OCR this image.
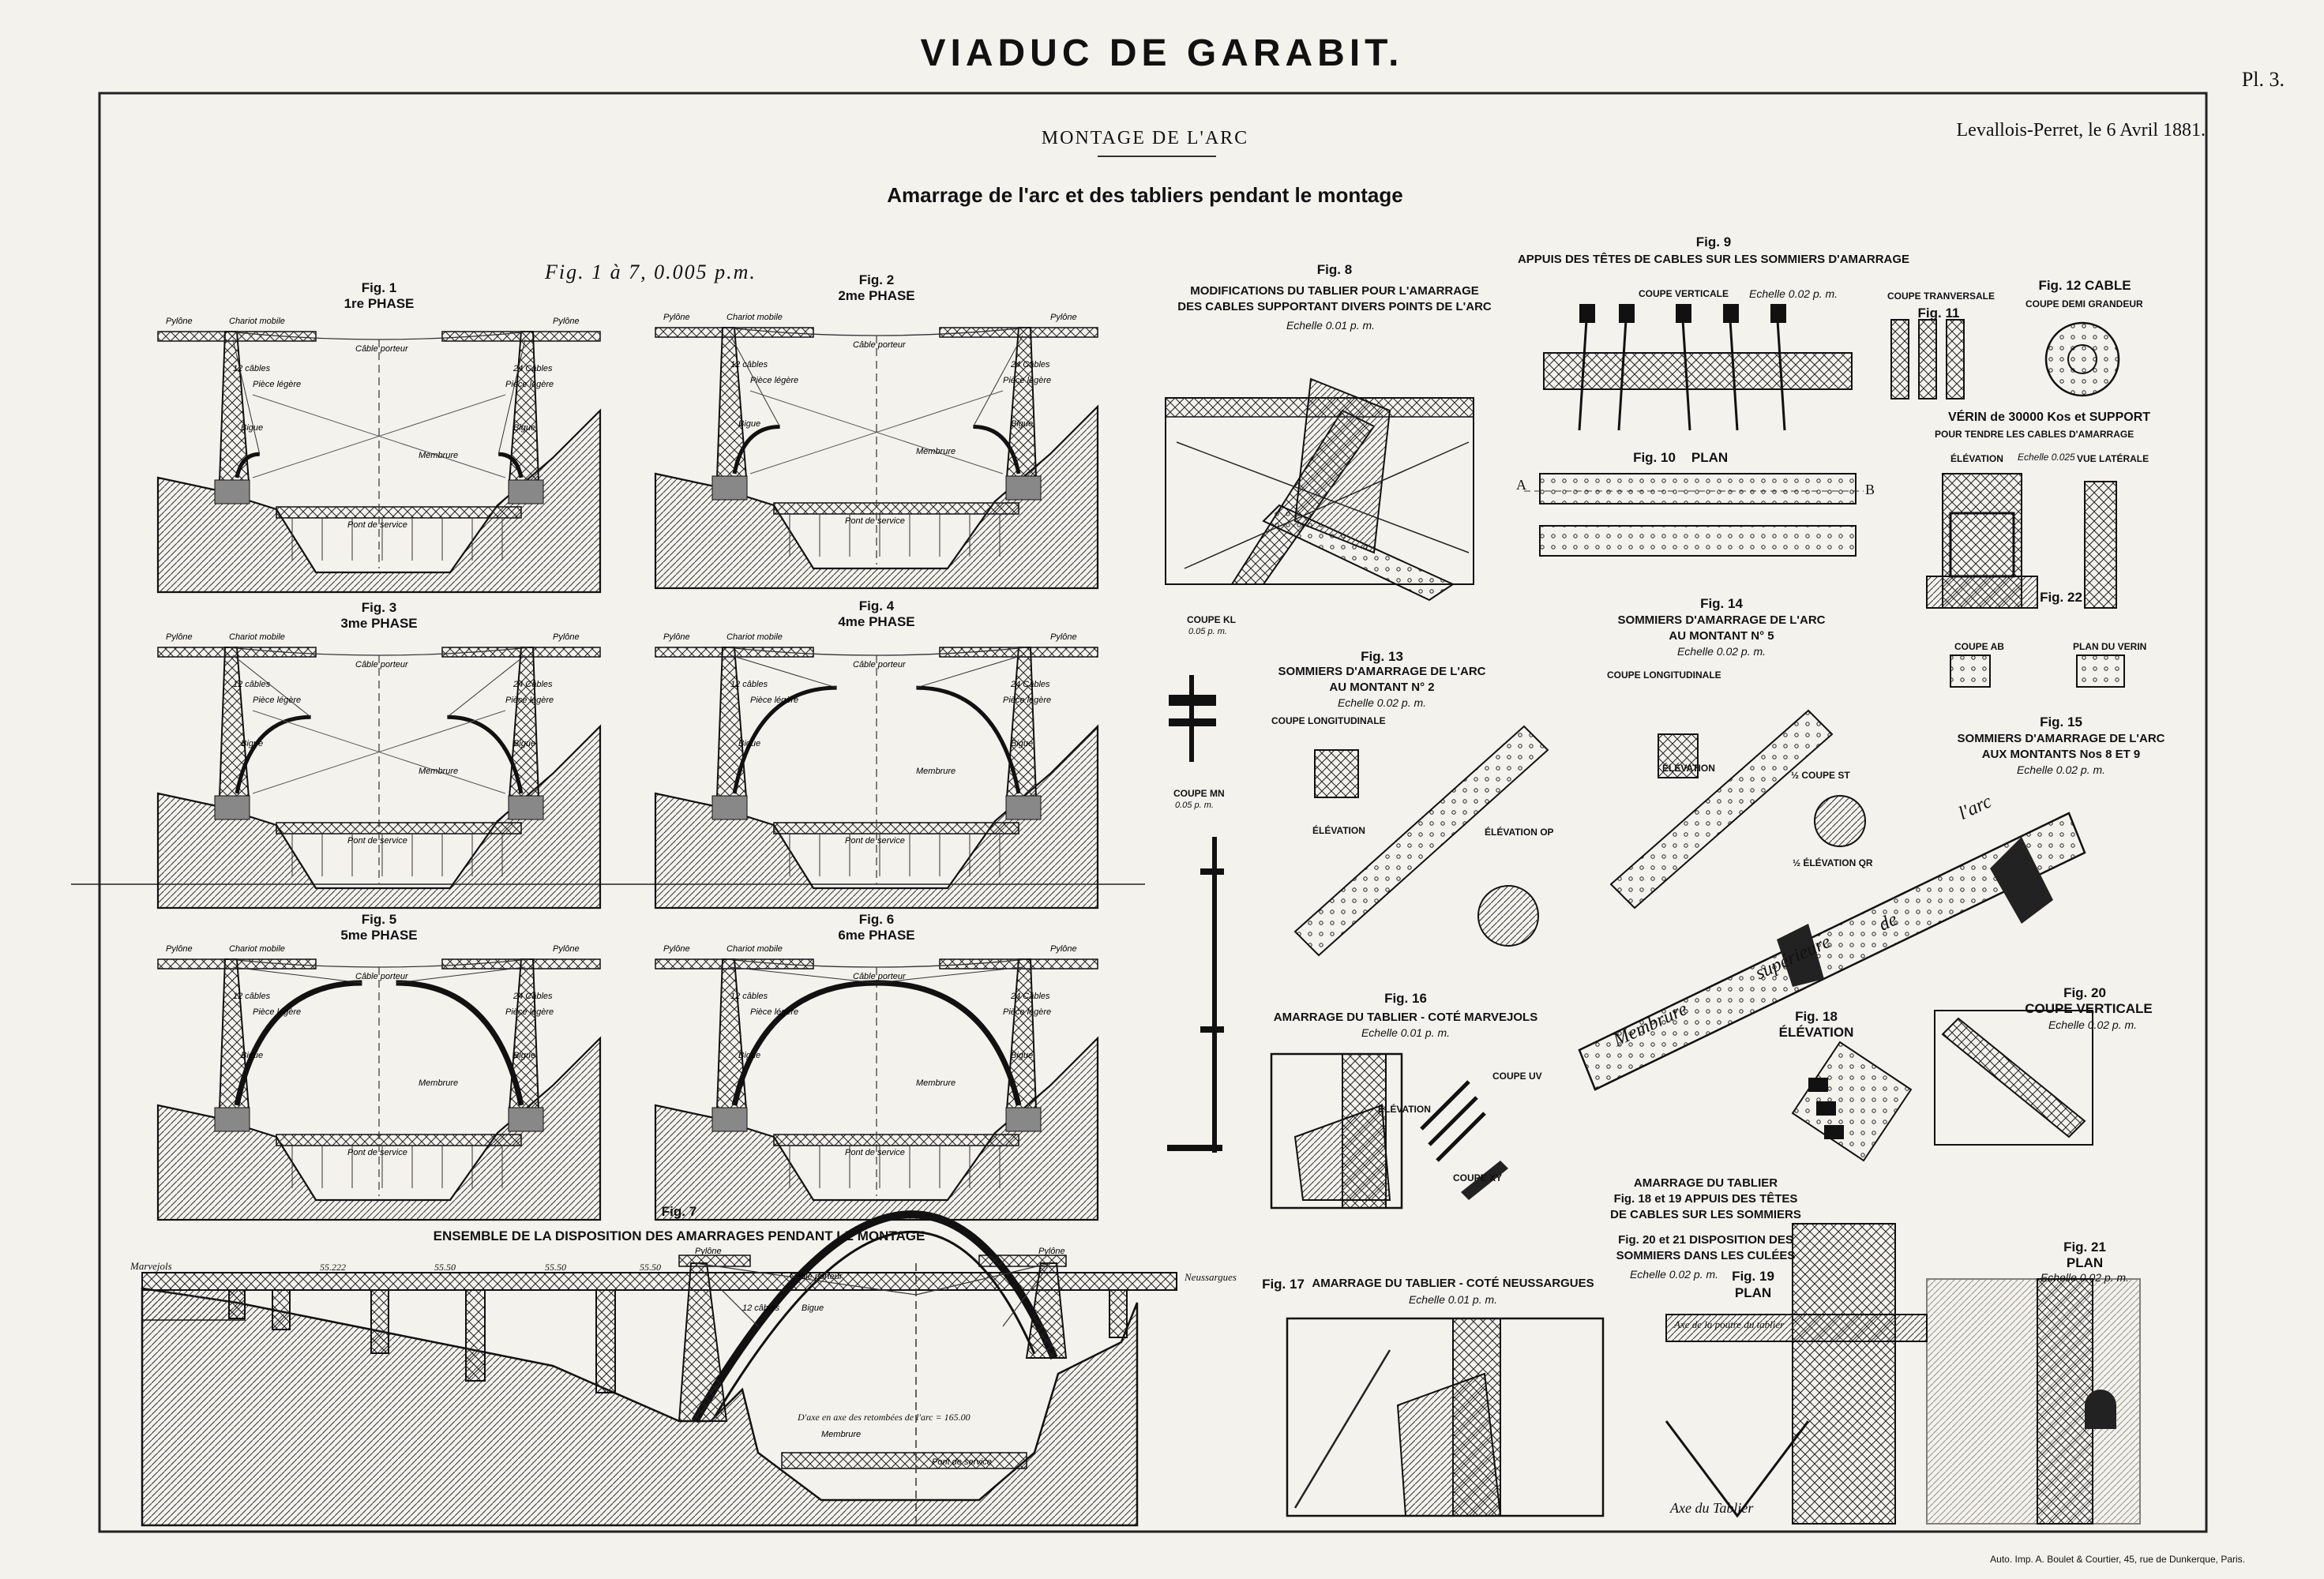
Pylône	Chariot mobile	Pylône
Câble porteur
Pièce légère	Pièce légère
Bigue	Bigue
12 câbles	24 Câbles
Membrure
Pont de service
Pylône	Chariot mobile	Pylône
Câble porteur
Pièce légère	Pièce légère
Bigue	Bigue
12 câbles	24 Câbles
Membrure
Pont de service
Pylône	Chariot mobile	Pylône
Câble porteur
Pièce légère	Pièce légère
Bigue	Bigue
12 câbles	24 Câbles
Membrure
Pont de service
Pylône	Chariot mobile	Pylône
Câble porteur
Pièce légère	Pièce légère
Bigue	Bigue
12 câbles	24 Câbles
Membrure
Pont de service
Pylône	Chariot mobile	Pylône
Câble porteur
Pièce légère	Pièce légère
Bigue	Bigue
12 câbles	24 Câbles
Membrure
Pont de service
Pylône	Chariot mobile	Pylône
Câble porteur
Pièce légère	Pièce légère
Bigue	Bigue
12 câbles	24 Câbles
Membrure
Pont de service
Pylône	Pylône
Câble porteur
Bigue
12 câbles
Membrure
Pont de service
VIADUC DE GARABIT.
Pl. 3.
Levallois-Perret, le 6 Avril 1881.
MONTAGE DE L'ARC
Amarrage de l'arc et des tabliers pendant le montage
Fig. 1 à 7, 0.005 p.m.
Fig. 1
1re PHASE
Fig. 2
2me PHASE
Fig. 3
3me PHASE
Fig. 4
4me PHASE
Fig. 5
5me PHASE
Fig. 6
6me PHASE
Fig. 7
ENSEMBLE DE LA DISPOSITION DES AMARRAGES PENDANT LE MONTAGE
Marvejols
Neussargues
55.222	55.50	55.50	55.50
D'axe en axe des retombées de l'arc = 165.00
Fig. 8
MODIFICATIONS DU TABLIER POUR L'AMARRAGE
DES CABLES SUPPORTANT DIVERS POINTS DE L'ARC
Echelle 0.01 p. m.
Fig. 9
APPUIS DES TÊTES DE CABLES SUR LES SOMMIERS D'AMARRAGE
COUPE VERTICALE Echelle 0.02 p. m.	COUPE TRANVERSALE
Fig. 11
Fig. 10	PLAN
A	B
Fig. 12 CABLE
COUPE DEMI GRANDEUR
VÉRIN de 30000 Kos et SUPPORT
POUR TENDRE LES CABLES D'AMARRAGE
ÉLÉVATION Echelle 0.025 VUE LATÉRALE
Fig. 22
COUPE AB	PLAN DU VERIN
COUPE KL
0.05 p. m.
COUPE MN
0.05 p. m.
Fig. 13
SOMMIERS D'AMARRAGE DE L'ARC
AU MONTANT N° 2
Echelle 0.02 p. m.
COUPE LONGITUDINALE
ÉLÉVATION	ÉLÉVATION OP
Fig. 14
SOMMIERS D'AMARRAGE DE L'ARC
AU MONTANT N° 5
Echelle 0.02 p. m.
COUPE LONGITUDINALE
ÉLÉVATION
½ COUPE ST
½ ÉLÉVATION QR
Fig. 15
SOMMIERS D'AMARRAGE DE L'ARC
AUX MONTANTS Nos 8 ET 9
Echelle 0.02 p. m.
l'arc
de
supérieure
Membrure
Fig. 16
AMARRAGE DU TABLIER - COTÉ MARVEJOLS
Echelle 0.01 p. m.
ÉLÉVATION
COUPE UV
COUPE XY
Fig. 17 AMARRAGE DU TABLIER - COTÉ NEUSSARGUES
Echelle 0.01 p. m.
Fig. 18
ÉLÉVATION
AMARRAGE DU TABLIER
Fig. 18 et 19 APPUIS DES TÊTES
DE CABLES SUR LES SOMMIERS
Fig. 20 et 21 DISPOSITION DES
SOMMIERS DANS LES CULÉES
Echelle 0.02 p. m.	Fig. 19
PLAN
Axe de la poutre du tablier
Axe du Tablier
Fig. 20
COUPE VERTICALE
Echelle 0.02 p. m.
Fig. 21
PLAN
Echelle 0.02 p. m.
Auto. Imp. A. Boulet & Courtier, 45, rue de Dunkerque, Paris.
